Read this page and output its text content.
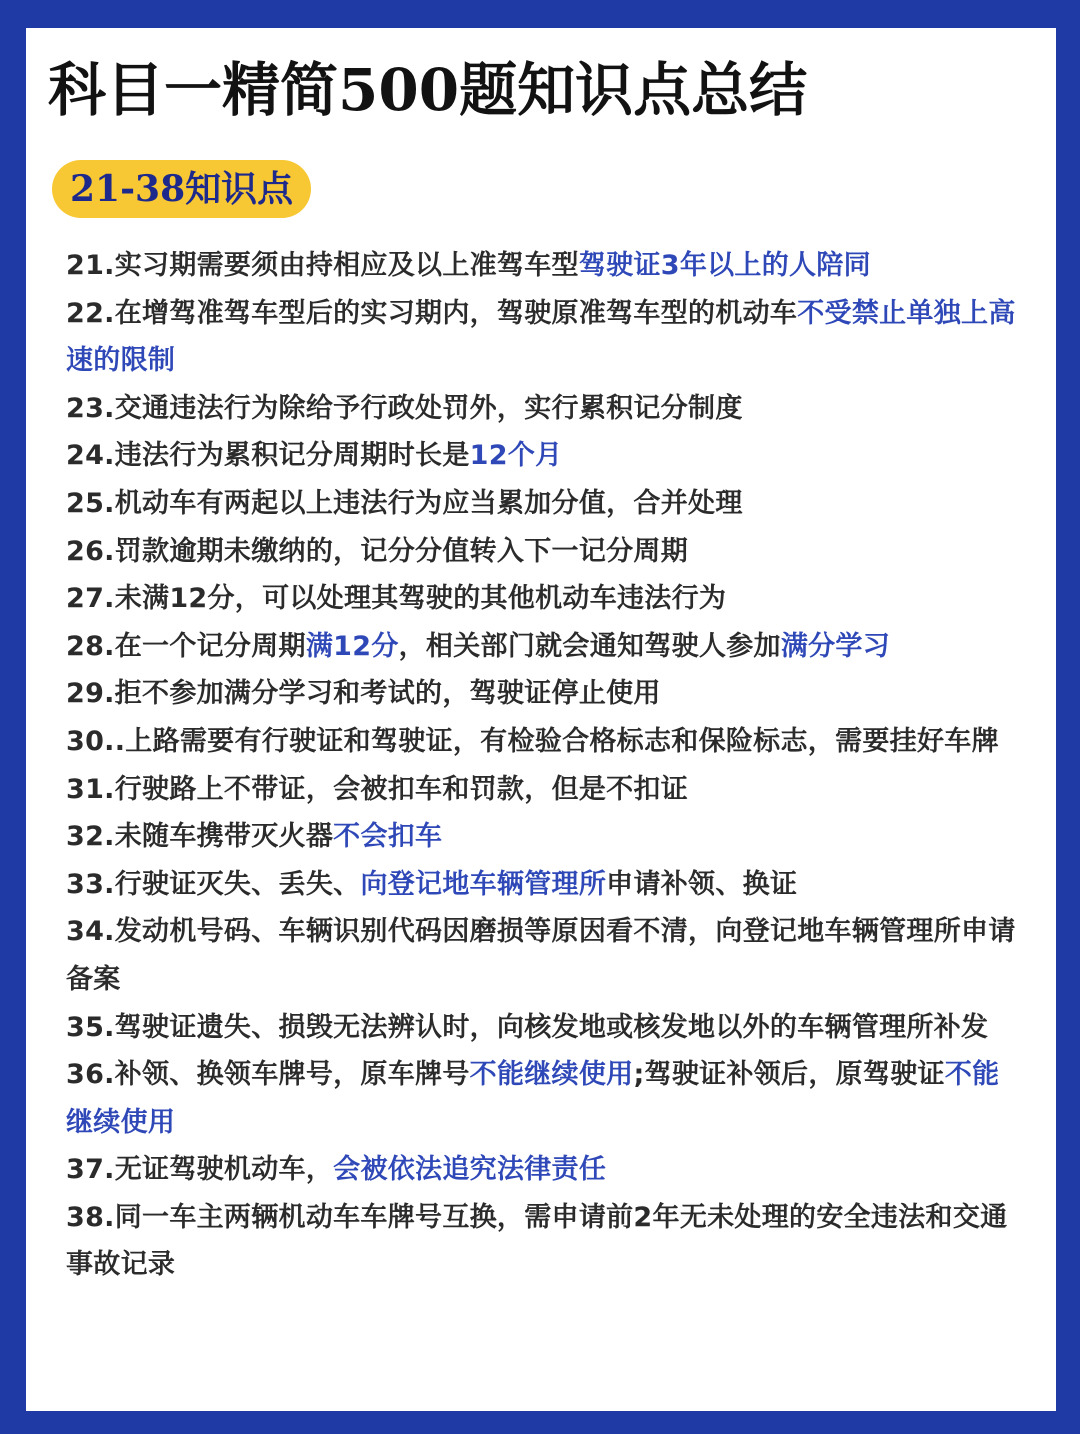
科目一精简500题知识点总结
21-38知识点
21.实习期需要须由持相应及以上准驾车型驾驶证3年以上的人陪同
22.在增驾准驾车型后的实习期内，驾驶原准驾车型的机动车不受禁止单独上高速的限制
23.交通违法行为除给予行政处罚外，实行累积记分制度
24.违法行为累积记分周期时长是12个月
25.机动车有两起以上违法行为应当累加分值，合并处理
26.罚款逾期未缴纳的，记分分值转入下一记分周期
27.未满12分，可以处理其驾驶的其他机动车违法行为
28.在一个记分周期满12分，相关部门就会通知驾驶人参加满分学习
29.拒不参加满分学习和考试的，驾驶证停止使用
30..上路需要有行驶证和驾驶证，有检验合格标志和保险标志，需要挂好车牌
31.行驶路上不带证，会被扣车和罚款，但是不扣证
32.未随车携带灭火器不会扣车
33.行驶证灭失、丢失、向登记地车辆管理所申请补领、换证
34.发动机号码、车辆识别代码因磨损等原因看不清，向登记地车辆管理所申请备案
35.驾驶证遗失、损毁无法辨认时，向核发地或核发地以外的车辆管理所补发
36.补领、换领车牌号，原车牌号不能继续使用;驾驶证补领后，原驾驶证不能继续使用
37.无证驾驶机动车，会被依法追究法律责任
38.同一车主两辆机动车车牌号互换，需申请前2年无未处理的安全违法和交通事故记录
